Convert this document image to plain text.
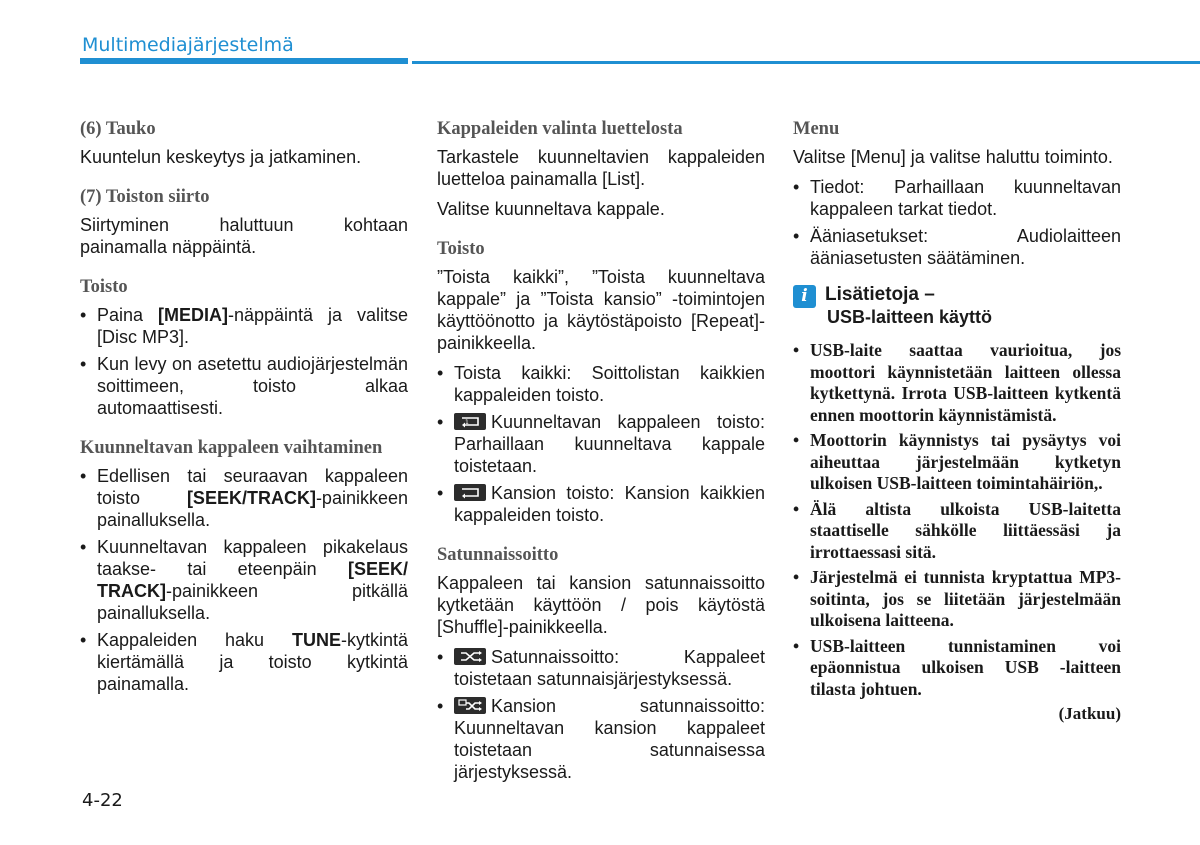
Multimediajärjestelmä
(6) Tauko
Kuuntelun keskeytys ja jatkaminen.
(7) Toiston siirto
Siirtyminen haluttuun kohtaan painamalla näppäintä.
Toisto
• Paina [MEDIA]-näppäintä ja valitse [Disc MP3].
• Kun levy on asetettu audiojärjestelmän soittimeen, toisto alkaa automaattisesti.
Kuunneltavan kappaleen vaihtaminen
• Edellisen tai seuraavan kappaleen toisto [SEEK/TRACK]-painikkeen painalluksella.
• Kuunneltavan kappaleen pikakelaus taakse- tai eteenpäin [SEEK/ TRACK]-painikkeen pitkällä painalluksella.
• Kappaleiden haku TUNE-kytkintä kiertämällä ja toisto kytkintä painamalla.
Kappaleiden valinta luettelosta
Tarkastele kuunneltavien kappaleiden luetteloa painamalla [List].
Valitse kuunneltava kappale.
Toisto
”Toista kaikki”, ”Toista kuunneltava kappale” ja ”Toista kansio” -toimintojen käyttöönotto ja käytöstäpoisto [Repeat]-painikkeella.
• Toista kaikki: Soittolistan kaikkien kappaleiden toisto.
• 1 Kuunneltavan kappaleen toisto: Parhaillaan kuunneltava kappale toistetaan.
• Kansion toisto: Kansion kaikkien kappaleiden toisto.
Satunnaissoitto
Kappaleen tai kansion satunnaissoitto kytketään käyttöön / pois käytöstä [Shuffle]-painikkeella.
• Satunnaissoitto: Kappaleet toistetaan satunnaisjärjestyksessä.
• Kansion satunnaissoitto: Kuunneltavan kansion kappaleet toistetaan satunnaisessa järjestyksessä.
Menu
Valitse [Menu] ja valitse haluttu toiminto.
• Tiedot: Parhaillaan kuunneltavan kappaleen tarkat tiedot.
• Ääniasetukset: Audiolaitteen ääniasetusten säätäminen.
i Lisätietoja –
USB-laitteen käyttö
• USB-laite saattaa vaurioitua, jos moottori käynnistetään laitteen ollessa kytkettynä. Irrota USB-laitteen kytkentä ennen moottorin käynnistämistä.
• Moottorin käynnistys tai pysäytys voi aiheuttaa järjestelmään kytketyn ulkoisen USB-laitteen toimintahäiriön,.
• Älä altista ulkoista USB-laitetta staattiselle sähkölle liittäessäsi ja irrottaessasi sitä.
• Järjestelmä ei tunnista kryptattua MP3-soitinta, jos se liitetään järjestelmään ulkoisena laitteena.
• USB-laitteen tunnistaminen voi epäonnistua ulkoisen USB -laitteen tilasta johtuen.
(Jatkuu)
4-22
